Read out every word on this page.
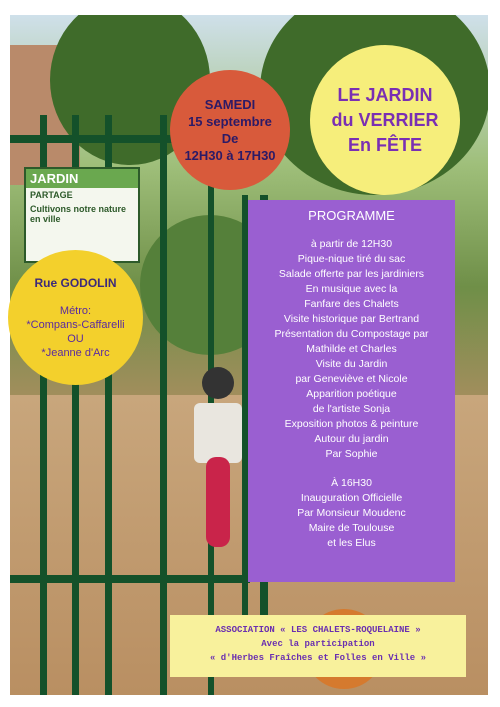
JARDIN
PARTAGE
Cultivons notre nature en ville
SAMEDI
15 septembre
De
12H30 à 17H30
LE JARDIN
du VERRIER
En FÊTE
Rue GODOLIN
Métro:
*Compans-Caffarelli
OU
*Jeanne d'Arc
PROGRAMME
à partir de 12H30
Pique-nique tiré du sac
Salade offerte par les jardiniers
En musique avec la
Fanfare des Chalets
Visite historique par Bertrand
Présentation du Compostage par
Mathilde et Charles
Visite du Jardin
par Geneviève et Nicole
Apparition poétique
de l'artiste Sonja
Exposition photos & peinture
Autour du jardin
Par Sophie
À 16H30
Inauguration Officielle
Par Monsieur Moudenc
Maire de Toulouse
et les Elus
ASSOCIATION « LES CHALETS-ROQUELAINE »
Avec la participation
« d'Herbes Fraîches et Folles en Ville »
